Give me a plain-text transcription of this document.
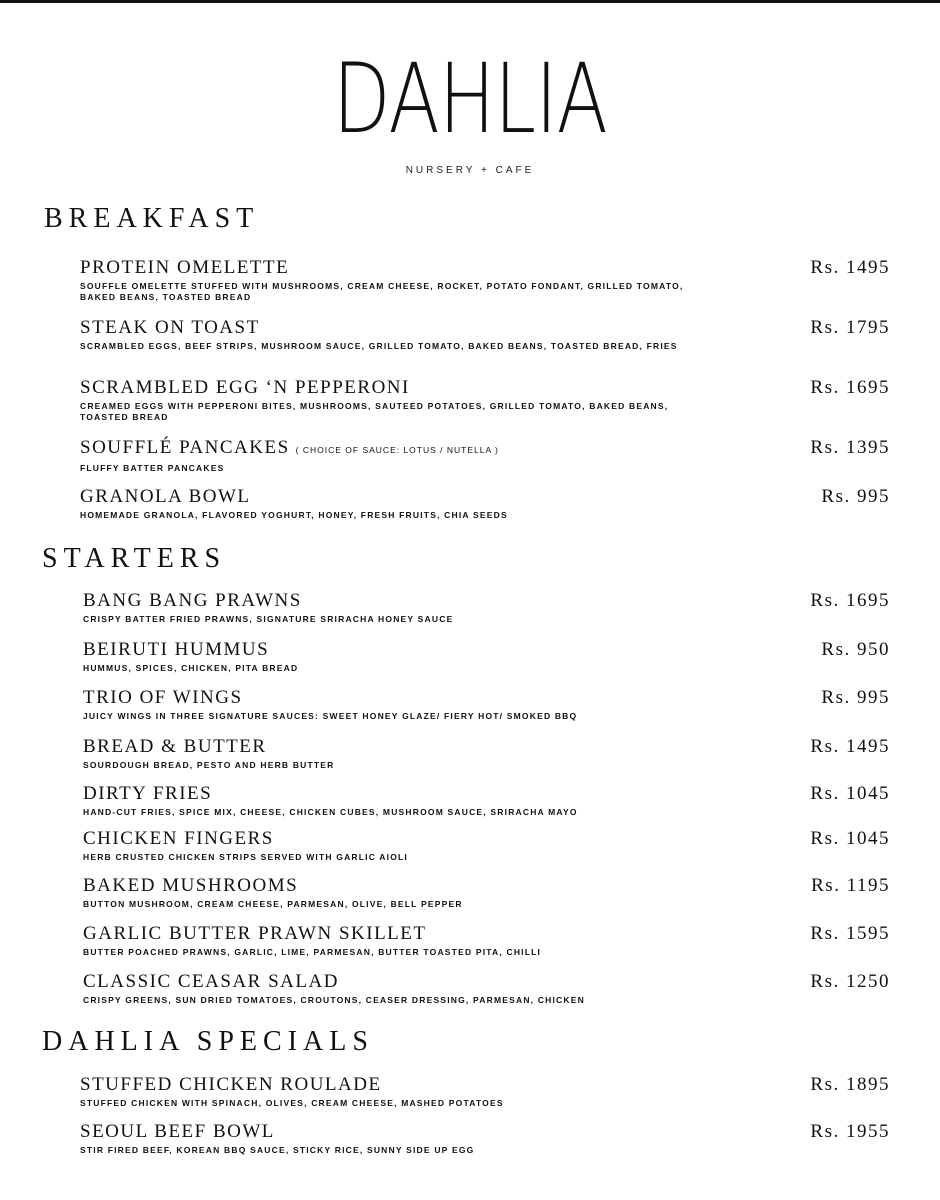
DAHLIA
NURSERY + CAFE
BREAKFAST
PROTEIN OMELETTE
SOUFFLE OMELETTE STUFFED WITH MUSHROOMS, CREAM CHEESE, ROCKET, POTATO FONDANT, GRILLED TOMATO, BAKED BEANS, TOASTED BREAD
Rs. 1495
STEAK ON TOAST
SCRAMBLED EGGS, BEEF STRIPS, MUSHROOM SAUCE, GRILLED TOMATO, BAKED BEANS, TOASTED BREAD, FRIES
Rs. 1795
SCRAMBLED EGG ‘N PEPPERONI
CREAMED EGGS WITH PEPPERONI BITES, MUSHROOMS, SAUTEED POTATOES, GRILLED TOMATO, BAKED BEANS, TOASTED BREAD
Rs. 1695
SOUFFLÉ PANCAKES ( CHOICE OF SAUCE: LOTUS / NUTELLA )
FLUFFY BATTER PANCAKES
Rs. 1395
GRANOLA BOWL
HOMEMADE GRANOLA, FLAVORED YOGHURT, HONEY, FRESH FRUITS, CHIA SEEDS
Rs. 995
STARTERS
BANG BANG PRAWNS
CRISPY BATTER FRIED PRAWNS, SIGNATURE SRIRACHA HONEY SAUCE
Rs. 1695
BEIRUTI HUMMUS
HUMMUS, SPICES, CHICKEN, PITA BREAD
Rs. 950
TRIO OF WINGS
JUICY WINGS IN THREE SIGNATURE SAUCES: SWEET HONEY GLAZE/ FIERY HOT/ SMOKED BBQ
Rs. 995
BREAD & BUTTER
SOURDOUGH BREAD, PESTO AND HERB BUTTER
Rs. 1495
DIRTY FRIES
HAND-CUT FRIES, SPICE MIX, CHEESE, CHICKEN CUBES, MUSHROOM SAUCE, SRIRACHA MAYO
Rs. 1045
CHICKEN FINGERS
HERB CRUSTED CHICKEN STRIPS SERVED WITH GARLIC AIOLI
Rs. 1045
BAKED MUSHROOMS
BUTTON MUSHROOM, CREAM CHEESE, PARMESAN, OLIVE, BELL PEPPER
Rs. 1195
GARLIC BUTTER PRAWN SKILLET
BUTTER POACHED PRAWNS, GARLIC, LIME, PARMESAN, BUTTER TOASTED PITA, CHILLI
Rs. 1595
CLASSIC CEASAR SALAD
CRISPY GREENS, SUN DRIED TOMATOES, CROUTONS, CEASER DRESSING, PARMESAN, CHICKEN
Rs. 1250
DAHLIA SPECIALS
STUFFED CHICKEN ROULADE
STUFFED CHICKEN WITH SPINACH, OLIVES, CREAM CHEESE, MASHED POTATOES
Rs. 1895
SEOUL BEEF BOWL
STIR FIRED BEEF, KOREAN BBQ SAUCE, STICKY RICE, SUNNY SIDE UP EGG
Rs. 1955
